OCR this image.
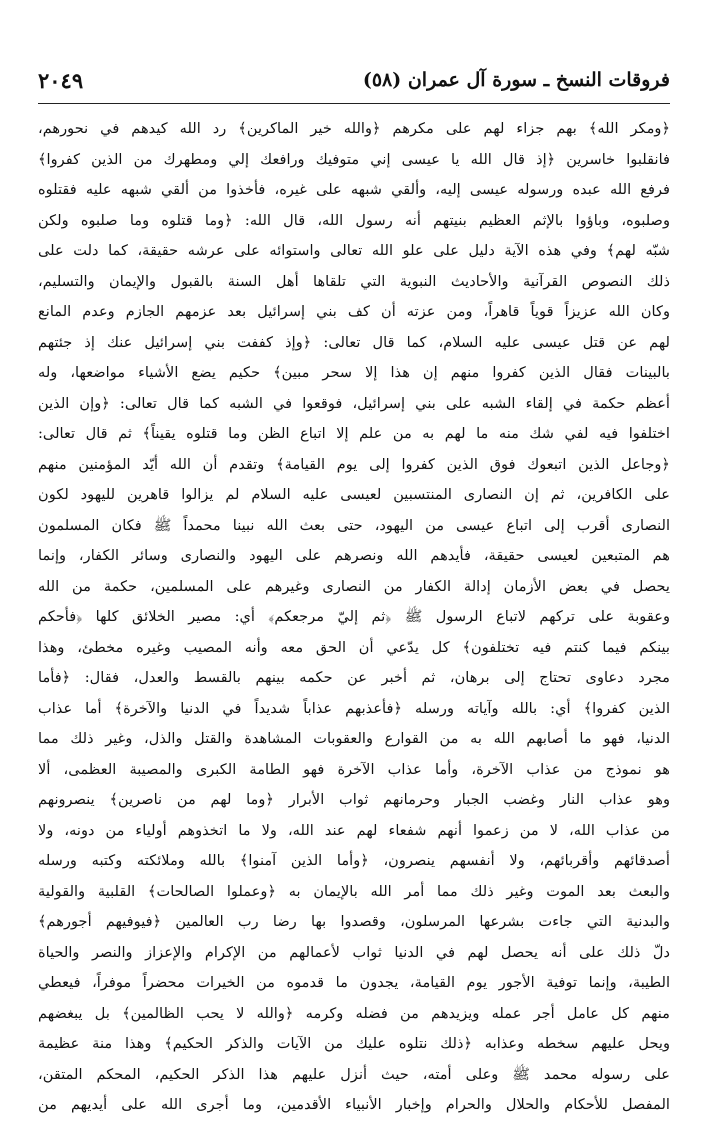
فروقات النسخ ـ سورة آل عمران (٥٨)
٢٠٤٩
﴿ومكر الله﴾ بهم جزاء لهم على مكرهم ﴿والله خير الماكرين﴾ رد الله كيدهم في نحورهم،
فانقلبوا خاسرين ﴿إذ قال الله يا عيسى إني متوفيك ورافعك إلي ومطهرك من الذين كفروا﴾
فرفع الله عبده ورسوله عيسى إليه، وألقي شبهه على غيره، فأخذوا من ألقي شبهه عليه فقتلوه
وصلبوه، وباؤوا بالإثم العظيم بنيتهم أنه رسول الله، قال الله: ﴿وما قتلوه وما صلبوه ولكن
شبّه لهم﴾ وفي هذه الآية دليل على علو الله تعالى واستوائه على عرشه حقيقة، كما دلت على
ذلك النصوص القرآنية والأحاديث النبوية التي تلقاها أهل السنة بالقبول والإيمان والتسليم،
وكان الله عزيزاً قوياً قاهراً، ومن عزته أن كف بني إسرائيل بعد عزمهم الجازم وعدم المانع
لهم عن قتل عيسى عليه السلام، كما قال تعالى: ﴿وإذ كففت بني إسرائيل عنك إذ جئتهم
بالبينات فقال الذين كفروا منهم إن هذا إلا سحر مبين﴾ حكيم يضع الأشياء مواضعها، وله
أعظم حكمة في إلقاء الشبه على بني إسرائيل، فوقعوا في الشبه كما قال تعالى: ﴿وإن الذين
اختلفوا فيه لفي شك منه ما لهم به من علم إلا اتباع الظن وما قتلوه يقيناً﴾ ثم قال تعالى:
﴿وجاعل الذين اتبعوك فوق الذين كفروا إلى يوم القيامة﴾ وتقدم أن الله أيّد المؤمنين منهم
على الكافرين، ثم إن النصارى المنتسبين لعيسى عليه السلام لم يزالوا قاهرين لليهود لكون
النصارى أقرب إلى اتباع عيسى من اليهود، حتى بعث الله نبينا محمداً ﷺ فكان المسلمون
هم المتبعين لعيسى حقيقة، فأيدهم الله ونصرهم على اليهود والنصارى وسائر الكفار، وإنما
يحصل في بعض الأزمان إدالة الكفار من النصارى وغيرهم على المسلمين، حكمة من الله
وعقوبة على تركهم لاتباع الرسول ﷺ ﴿ثم إليّ مرجعكم﴾ أي: مصير الخلائق كلها ﴿فأحكم
بينكم فيما كنتم فيه تختلفون﴾ كل يدّعي أن الحق معه وأنه المصيب وغيره مخطئ، وهذا
مجرد دعاوى تحتاج إلى برهان، ثم أخبر عن حكمه بينهم بالقسط والعدل، فقال: ﴿فأما
الذين كفروا﴾ أي: بالله وآياته ورسله ﴿فأعذبهم عذاباً شديداً في الدنيا والآخرة﴾ أما عذاب
الدنيا، فهو ما أصابهم الله به من القوارع والعقوبات المشاهدة والقتل والذل، وغير ذلك مما
هو نموذج من عذاب الآخرة، وأما عذاب الآخرة فهو الطامة الكبرى والمصيبة العظمى، ألا
وهو عذاب النار وغضب الجبار وحرمانهم ثواب الأبرار ﴿وما لهم من ناصرين﴾ ينصرونهم
من عذاب الله، لا من زعموا أنهم شفعاء لهم عند الله، ولا ما اتخذوهم أولياء من دونه، ولا
أصدقائهم وأقربائهم، ولا أنفسهم ينصرون، ﴿وأما الذين آمنوا﴾ بالله وملائكته وكتبه ورسله
والبعث بعد الموت وغير ذلك مما أمر الله بالإيمان به ﴿وعملوا الصالحات﴾ القلبية والقولية
والبدنية التي جاءت بشرعها المرسلون، وقصدوا بها رضا رب العالمين ﴿فيوفيهم أجورهم﴾
دلّ ذلك على أنه يحصل لهم في الدنيا ثواب لأعمالهم من الإكرام والإعزاز والنصر والحياة
الطيبة، وإنما توفية الأجور يوم القيامة، يجدون ما قدموه من الخيرات محضراً موفراً، فيعطي
منهم كل عامل أجر عمله ويزيدهم من فضله وكرمه ﴿والله لا يحب الظالمين﴾ بل يبغضهم
ويحل عليهم سخطه وعذابه ﴿ذلك نتلوه عليك من الآيات والذكر الحكيم﴾ وهذا منة عظيمة
على رسوله محمد ﷺ وعلى أمته، حيث أنزل عليهم هذا الذكر الحكيم، المحكم المتقن،
المفصل للأحكام والحلال والحرام وإخبار الأنبياء الأقدمين، وما أجرى الله على أيديهم من
